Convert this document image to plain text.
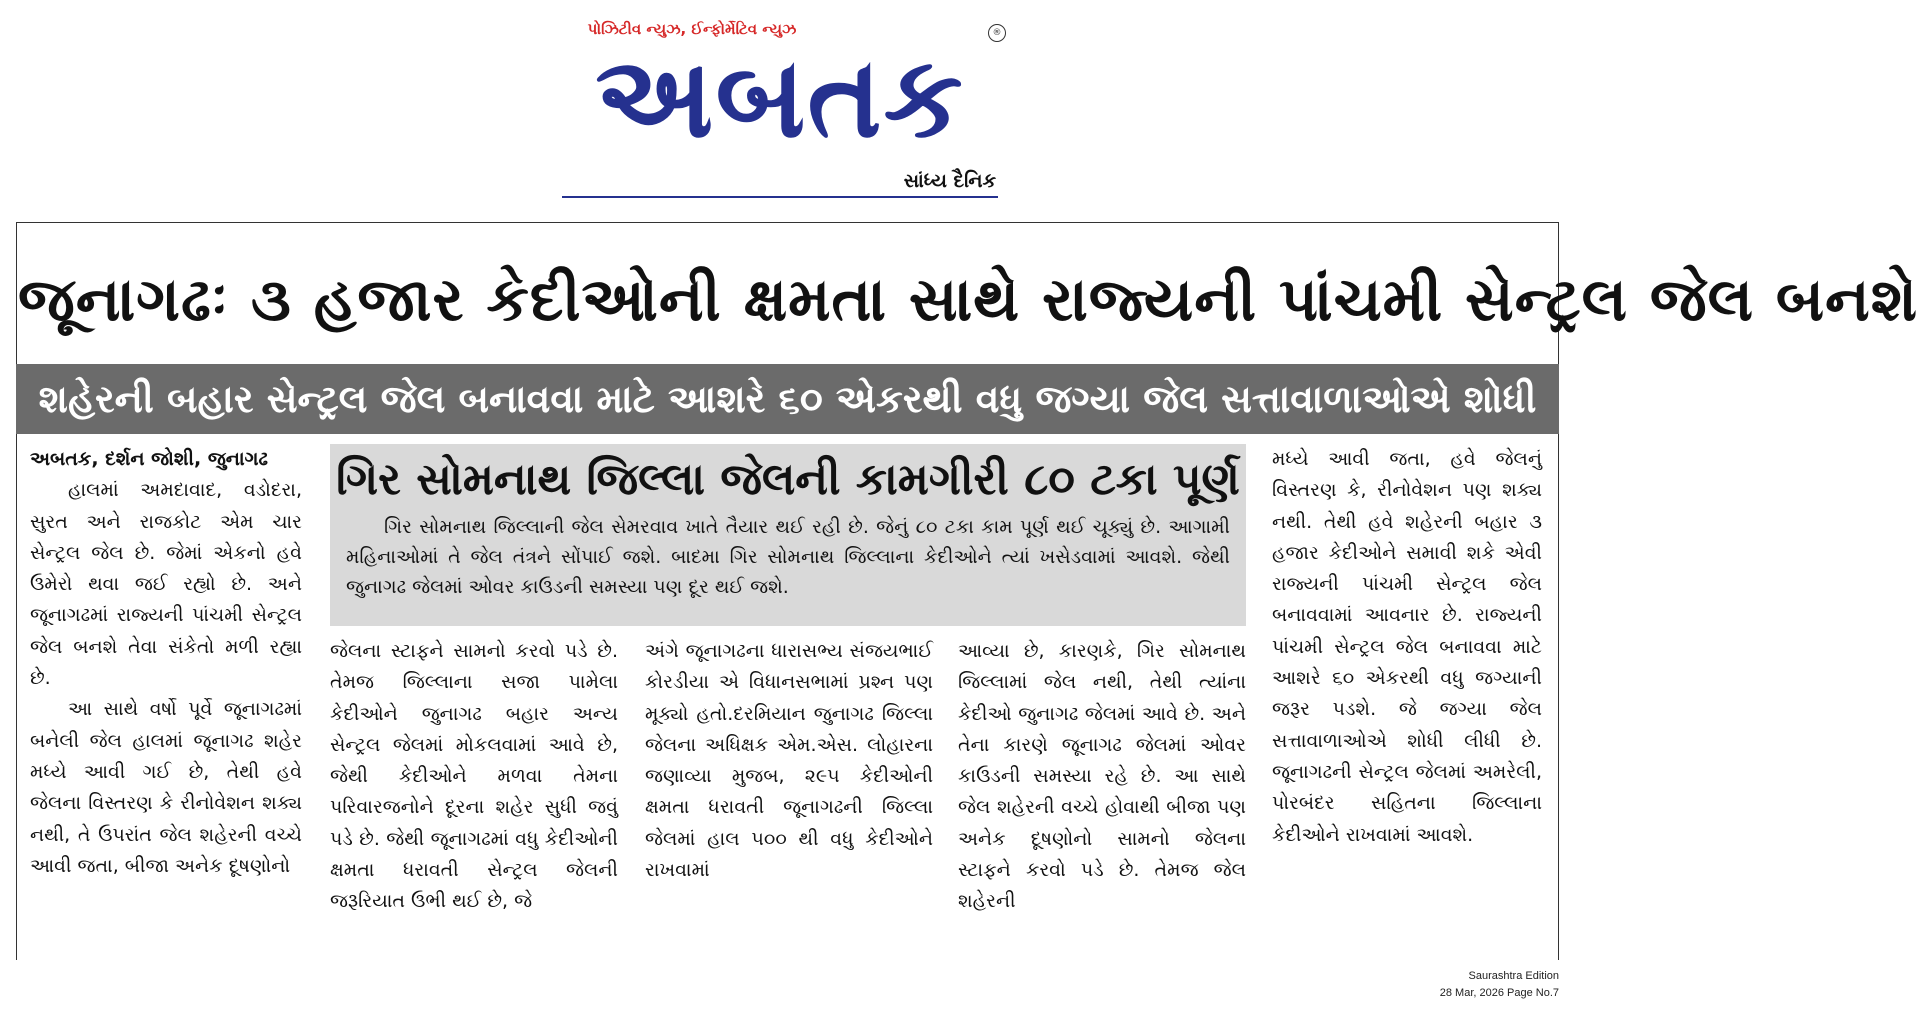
પોઝિટીવ ન્યુઝ, ઈન્ફોર્મેટિવ ન્યુઝ
અબતક	®
સાંધ્ય દૈનિક
જૂનાગઢઃ ૩ હજાર કેદીઓની ક્ષમતા સાથે રાજ્યની પાંચમી સેન્ટ્રલ જેલ બનશે
શહેરની બહાર સેન્ટ્રલ જેલ બનાવવા માટે આશરે ૬૦ એકરથી વધુ જગ્યા જેલ સત્તાવાળાઓએ શોધી

અબતક, દર્શન જોશી, જુનાગઢ

હાલમાં અમદાવાદ, વડોદરા, સુરત અને રાજકોટ એમ ચાર સેન્ટ્રલ જેલ છે. જેમાં એકનો હવે ઉમેરો થવા જઈ રહ્યો છે. અને જૂનાગઢમાં રાજ્યની પાંચમી સેન્ટ્રલ જેલ બનશે તેવા સંકેતો મળી રહ્યા છે.

આ સાથે વર્ષો પૂર્વે જૂનાગઢમાં બનેલી જેલ હાલમાં જૂનાગઢ શહેર મધ્યે આવી ગઈ છે, તેથી હવે જેલના વિસ્તરણ કે રીનોવેશન શક્ય નથી, તે ઉપરાંત જેલ શહેરની વચ્ચે આવી જતા, બીજા અનેક દૂષણોનો

ગિર સોમનાથ જિલ્લા જેલની કામગીરી ૮૦ ટકા પૂર્ણ
ગિર સોમનાથ જિલ્લાની જેલ સેમરવાવ ખાતે તૈયાર થઈ રહી છે. જેનું ૮૦ ટકા કામ પૂર્ણ થઈ ચૂક્યું છે. આગામી મહિનાઓમાં તે જેલ તંત્રને સોંપાઈ જશે. બાદમા ગિર સોમનાથ જિલ્લાના કેદીઓને ત્યાં ખસેડવામાં આવશે. જેથી જુનાગઢ જેલમાં ઓવર કાઉડની સમસ્યા પણ દૂર થઈ જશે.

જેલના સ્ટાફને સામનો કરવો પડે છે. તેમજ જિલ્લાના સજા પામેલા કેદીઓને જુનાગઢ બહાર અન્ય સેન્ટ્રલ જેલમાં મોકલવામાં આવે છે, જેથી કેદીઓને મળવા તેમના પરિવારજનોને દૂરના શહેર સુધી જવું પડે છે. જેથી જૂનાગઢમાં વધુ કેદીઓની ક્ષમતા ધરાવતી સેન્ટ્રલ જેલની જરૂરિયાત ઉભી થઈ છે, જે

અંગે જૂનાગઢના ધારાસભ્ય સંજયભાઈ કોરડીયા એ વિધાનસભામાં પ્રશ્ન પણ મૂક્યો હતો.દરમિયાન જુનાગઢ જિલ્લા જેલના અધિક્ષક એમ.એસ. લોહારના જણાવ્યા મુજબ, ૨૯૫ કેદીઓની ક્ષમતા ધરાવતી જૂનાગઢની જિલ્લા જેલમાં હાલ ૫૦૦ થી વધુ કેદીઓને રાખવામાં

આવ્યા છે, કારણકે, ગિર સોમનાથ જિલ્લામાં જેલ નથી, તેથી ત્યાંના કેદીઓ જુનાગઢ જેલમાં આવે છે. અને તેના કારણે જૂનાગઢ જેલમાં ઓવર કાઉડની સમસ્યા રહે છે. આ સાથે જેલ શહેરની વચ્ચે હોવાથી બીજા પણ અનેક દૂષણોનો સામનો જેલના સ્ટાફને કરવો પડે છે. તેમજ જેલ શહેરની

મધ્યે આવી જતા, હવે જેલનું વિસ્તરણ કે, રીનોવેશન પણ શક્ય નથી. તેથી હવે શહેરની બહાર ૩ હજાર કેદીઓને સમાવી શકે એવી રાજ્યની પાંચમી સેન્ટ્રલ જેલ બનાવવામાં આવનાર છે. રાજ્યની પાંચમી સેન્ટ્રલ જેલ બનાવવા માટે આશરે ૬૦ એકરથી વધુ જગ્યાની જરૂર પડશે. જે જગ્યા જેલ સત્તાવાળાઓએ શોધી લીધી છે. જૂનાગઢની સેન્ટ્રલ જેલમાં અમરેલી, પોરબંદર સહિતના જિલ્લાના કેદીઓને રાખવામાં આવશે.

Saurashtra Edition
28 Mar, 2026 Page No.7
